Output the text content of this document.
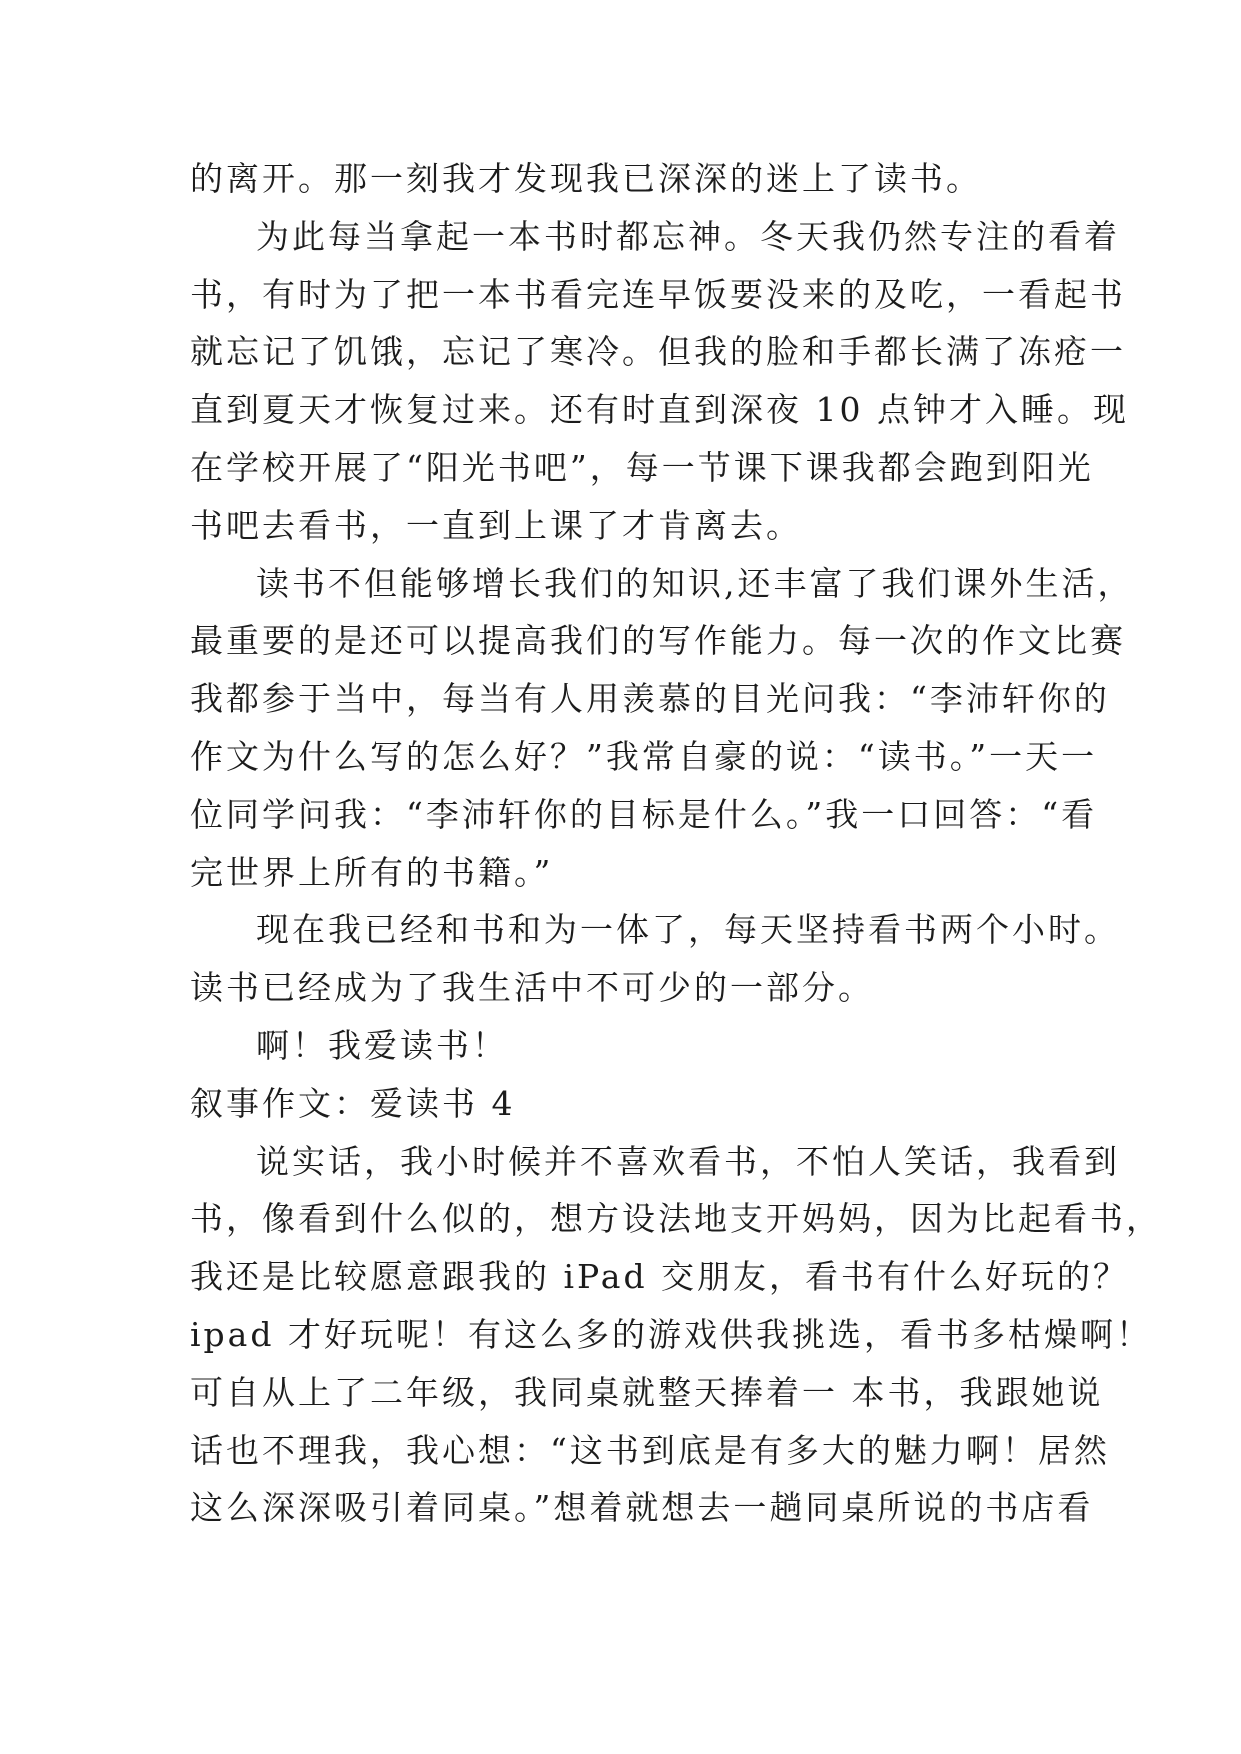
的离开。那一刻我才发现我已深深的迷上了读书。
为此每当拿起一本书时都忘神。冬天我仍然专注的看着
书，有时为了把一本书看完连早饭要没来的及吃，一看起书
就忘记了饥饿，忘记了寒冷。但我的脸和手都长满了冻疮一
直到夏天才恢复过来。还有时直到深夜 10 点钟才入睡。现
在学校开展了“阳光书吧”，每一节课下课我都会跑到阳光
书吧去看书，一直到上课了才肯离去。
读书不但能够增长我们的知识,还丰富了我们课外生活，
最重要的是还可以提高我们的写作能力。每一次的作文比赛
我都参于当中，每当有人用羡慕的目光问我：“李沛轩你的
作文为什么写的怎么好？”我常自豪的说：“读书。”一天一
位同学问我：“李沛轩你的目标是什么。”我一口回答：“看
完世界上所有的书籍。”
现在我已经和书和为一体了，每天坚持看书两个小时。
读书已经成为了我生活中不可少的一部分。
啊！我爱读书！
叙事作文：爱读书 4
说实话，我小时候并不喜欢看书，不怕人笑话，我看到
书，像看到什么似的，想方设法地支开妈妈，因为比起看书，
我还是比较愿意跟我的 iPad 交朋友，看书有什么好玩的？
ipad 才好玩呢！有这么多的游戏供我挑选，看书多枯燥啊！
可自从上了二年级，我同桌就整天捧着一 本书，我跟她说
话也不理我，我心想：“这书到底是有多大的魅力啊！居然
这么深深吸引着同桌。”想着就想去一趟同桌所说的书店看
